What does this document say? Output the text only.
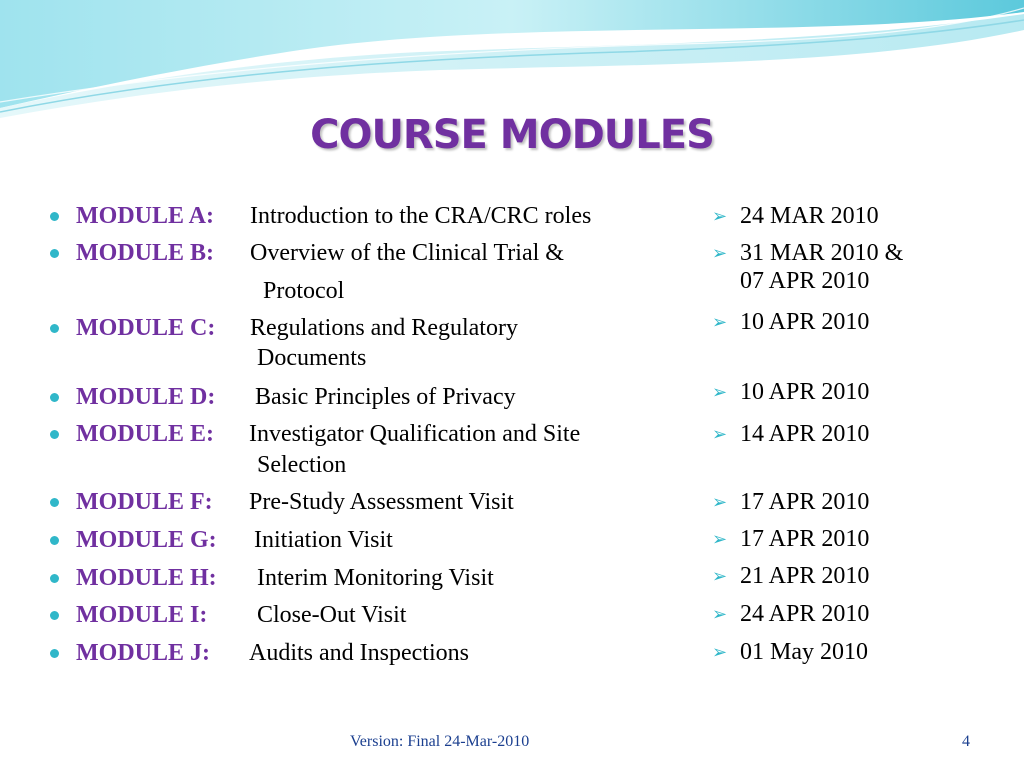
COURSE MODULES
MODULE A: Introduction to the CRA/CRC roles
MODULE B: Overview of the Clinical Trial &
Protocol
MODULE C: Regulations and Regulatory
Documents
MODULE D: Basic Principles of Privacy
MODULE E: Investigator Qualification and Site
Selection
MODULE F: Pre-Study Assessment Visit
MODULE G: Initiation Visit
MODULE H: Interim Monitoring Visit
MODULE I: Close-Out Visit
MODULE J: Audits and Inspections
➢ 24 MAR 2010
➢ 31 MAR 2010 &
07 APR 2010
➢ 10 APR 2010
➢ 10 APR 2010
➢ 14 APR 2010
➢ 17 APR 2010
➢ 17 APR 2010
➢ 21 APR 2010
➢ 24 APR 2010
➢ 01 May 2010
Version: Final 24-Mar-2010	4
